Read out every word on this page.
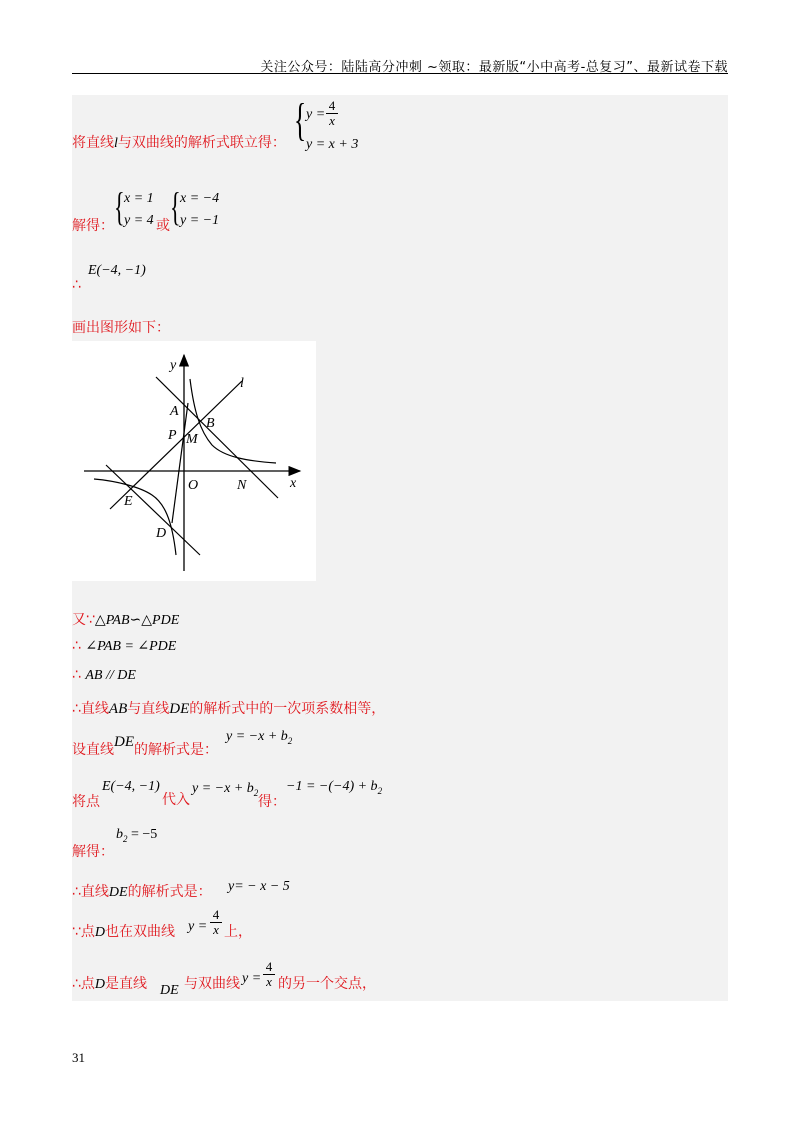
关注公众号：陆陆高分冲刺 ~领取：最新版“小中高考-总复习”、最新试卷下载
将直线l与双曲线的解析式联立得： { y =
4
x
y = x + 3
解得： { x = 1
y = 4 或 { x = −4
y = −1
E(−4, −1)
∴
画出图形如下：
y
x
l
A
B
P M
O	N
E
D
又∵△PAB∽△PDE
∴ ∠PAB = ∠PDE
∴ AB // DE
∴直线AB与直线DE的解析式中的一次项系数相等，
设直线DE的解析式是：
$y = -x + b_2$
将点
E(−4, −1)
代入
$y = -x + b_2$
得：
$-1 = -(-4) + b_2$
解得：
$b_2 = -5$
∴直线DE的解析式是： y= − x − 5
∵点D也在双曲线 y =
4
x 上，
∴点D是直线 DE 与双曲线 y =
4
x 的另一个交点，
31
